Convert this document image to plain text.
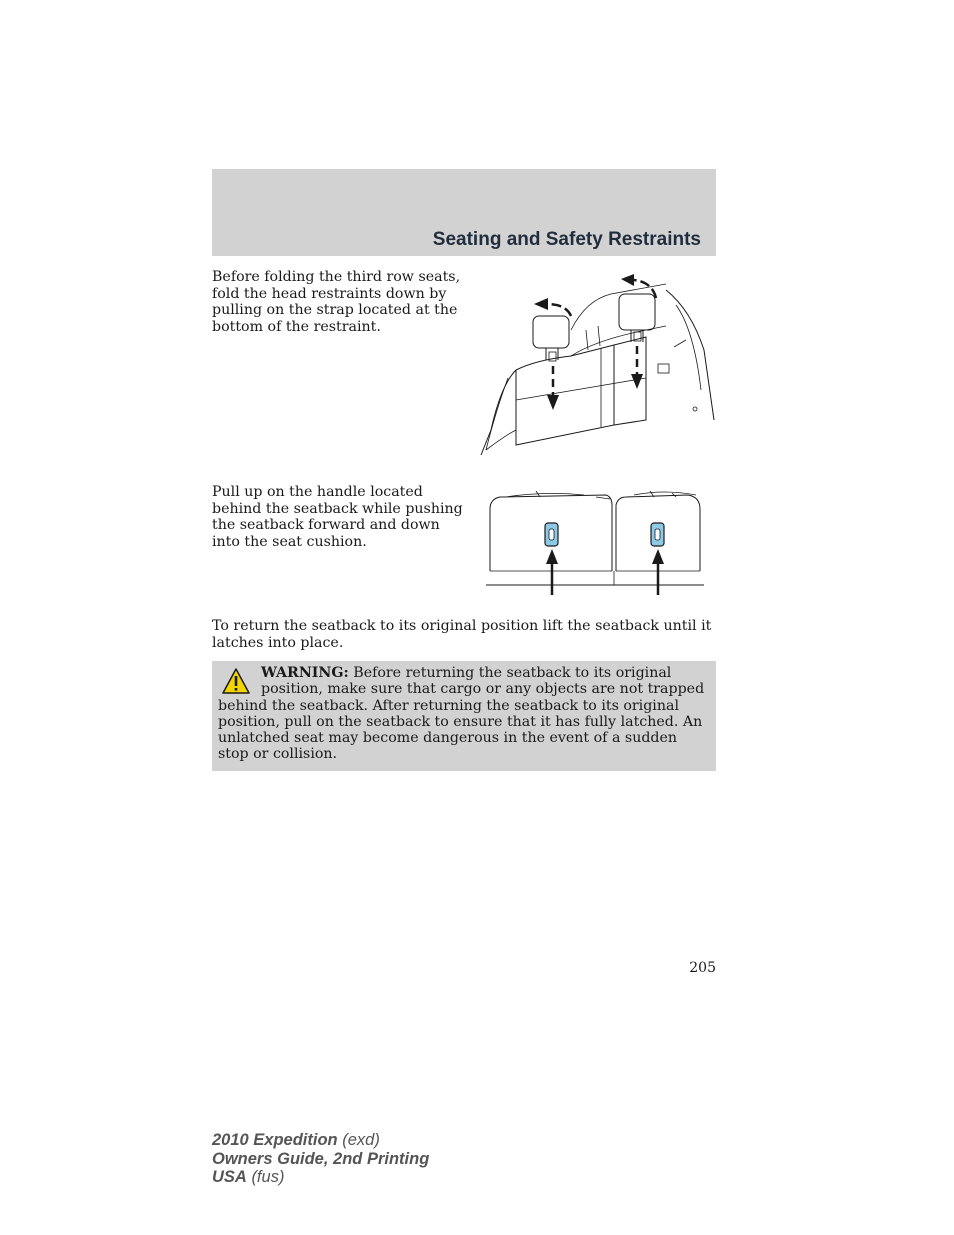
Seating and Safety Restraints
Before folding the third row seats, fold the head restraints down by pulling on the strap located at the bottom of the restraint.
Pull up on the handle located behind the seatback while pushing the seatback forward and down into the seat cushion.
To return the seatback to its original position lift the seatback until it latches into place.
WARNING: Before returning the seatback to its original position, make sure that cargo or any objects are not trapped behind the seatback. After returning the seatback to its original position, pull on the seatback to ensure that it has fully latched. An unlatched seat may become dangerous in the event of a sudden stop or collision.
205
2010 Expedition (exd)
Owners Guide, 2nd Printing
USA (fus)
